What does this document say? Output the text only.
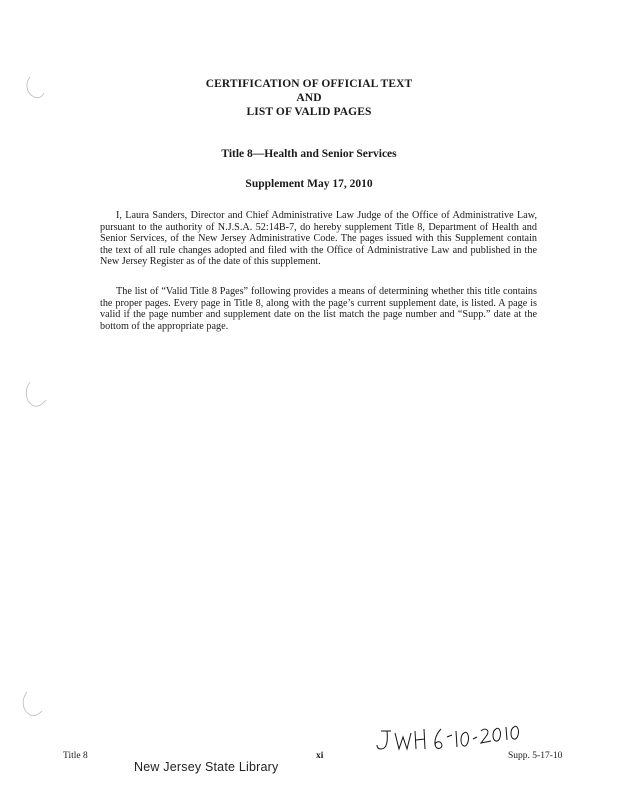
CERTIFICATION OF OFFICIAL TEXT
AND
LIST OF VALID PAGES
Title 8—Health and Senior Services
Supplement May 17, 2010

I, Laura Sanders, Director and Chief Administrative Law Judge of the Office of Administrative Law, pursuant to the authority of N.J.S.A. 52:14B-7, do hereby supplement Title 8, Department of Health and Senior Services, of the New Jersey Administrative Code. The pages issued with this Supplement contain the text of all rule changes adopted and filed with the Office of Administrative Law and published in the New Jersey Register as of the date of this supplement.

The list of “Valid Title 8 Pages” following provides a means of determining whether this title contains the proper pages. Every page in Title 8, along with the page’s current supplement date, is listed. A page is valid if the page number and supplement date on the list match the page number and “Supp.” date at the bottom of the appropriate page.

Title 8	xi	Supp. 5-17-10
New Jersey State Library
